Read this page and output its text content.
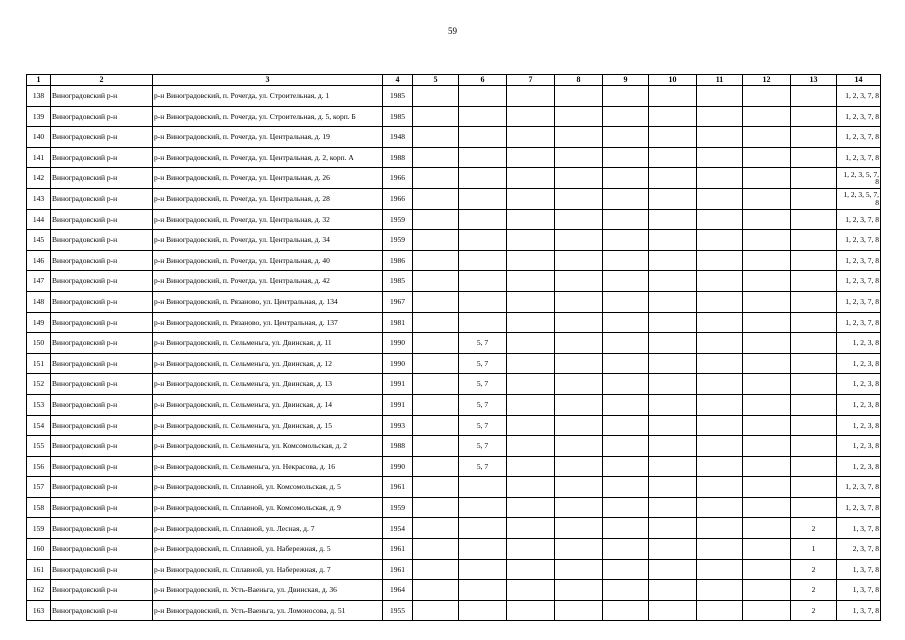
59
1	2	3	4	5	6	7	8	9	10	11	12	13	14
138	Виноградовский р-н	р-н Виноградовский, п. Рочегда, ул. Строительная, д. 1	1985										1, 2, 3, 7, 8
139	Виноградовский р-н	р-н Виноградовский, п. Рочегда, ул. Строительная, д. 5, корп. Б	1985										1, 2, 3, 7, 8
140	Виноградовский р-н	р-н Виноградовский, п. Рочегда, ул. Центральная, д. 19	1948										1, 2, 3, 7, 8
141	Виноградовский р-н	р-н Виноградовский, п. Рочегда, ул. Центральная, д. 2, корп. А	1988										1, 2, 3, 7, 8
142	Виноградовский р-н	р-н Виноградовский, п. Рочегда, ул. Центральная, д. 26	1966										1, 2, 3, 5, 7, 8
143	Виноградовский р-н	р-н Виноградовский, п. Рочегда, ул. Центральная, д. 28	1966										1, 2, 3, 5, 7, 8
144	Виноградовский р-н	р-н Виноградовский, п. Рочегда, ул. Центральная, д. 32	1959										1, 2, 3, 7, 8
145	Виноградовский р-н	р-н Виноградовский, п. Рочегда, ул. Центральная, д. 34	1959										1, 2, 3, 7, 8
146	Виноградовский р-н	р-н Виноградовский, п. Рочегда, ул. Центральная, д. 40	1986										1, 2, 3, 7, 8
147	Виноградовский р-н	р-н Виноградовский, п. Рочегда, ул. Центральная, д. 42	1985										1, 2, 3, 7, 8
148	Виноградовский р-н	р-н Виноградовский, п. Рязаново, ул. Центральная, д. 134	1967										1, 2, 3, 7, 8
149	Виноградовский р-н	р-н Виноградовский, п. Рязаново, ул. Центральная, д. 137	1981										1, 2, 3, 7, 8
150	Виноградовский р-н	р-н Виноградовский, п. Сельменьга, ул. Двинская, д. 11	1990		5, 7								1, 2, 3, 8
151	Виноградовский р-н	р-н Виноградовский, п. Сельменьга, ул. Двинская, д. 12	1990		5, 7								1, 2, 3, 8
152	Виноградовский р-н	р-н Виноградовский, п. Сельменьга, ул. Двинская, д. 13	1991		5, 7								1, 2, 3, 8
153	Виноградовский р-н	р-н Виноградовский, п. Сельменьга, ул. Двинская, д. 14	1991		5, 7								1, 2, 3, 8
154	Виноградовский р-н	р-н Виноградовский, п. Сельменьга, ул. Двинская, д. 15	1993		5, 7								1, 2, 3, 8
155	Виноградовский р-н	р-н Виноградовский, п. Сельменьга, ул. Комсомольская, д. 2	1988		5, 7								1, 2, 3, 8
156	Виноградовский р-н	р-н Виноградовский, п. Сельменьга, ул. Некрасова, д. 16	1990		5, 7								1, 2, 3, 8
157	Виноградовский р-н	р-н Виноградовский, п. Сплавной, ул. Комсомольская, д. 5	1961										1, 2, 3, 7, 8
158	Виноградовский р-н	р-н Виноградовский, п. Сплавной, ул. Комсомольская, д. 9	1959										1, 2, 3, 7, 8
159	Виноградовский р-н	р-н Виноградовский, п. Сплавной, ул. Лесная, д. 7	1954									2	1, 3, 7, 8
160	Виноградовский р-н	р-н Виноградовский, п. Сплавной, ул. Набережная, д. 5	1961									1	2, 3, 7, 8
161	Виноградовский р-н	р-н Виноградовский, п. Сплавной, ул. Набережная, д. 7	1961									2	1, 3, 7, 8
162	Виноградовский р-н	р-н Виноградовский, п. Усть-Ваеньга, ул. Двинская, д. 36	1964									2	1, 3, 7, 8
163	Виноградовский р-н	р-н Виноградовский, п. Усть-Ваеньга, ул. Ломоносова, д. 51	1955									2	1, 3, 7, 8
